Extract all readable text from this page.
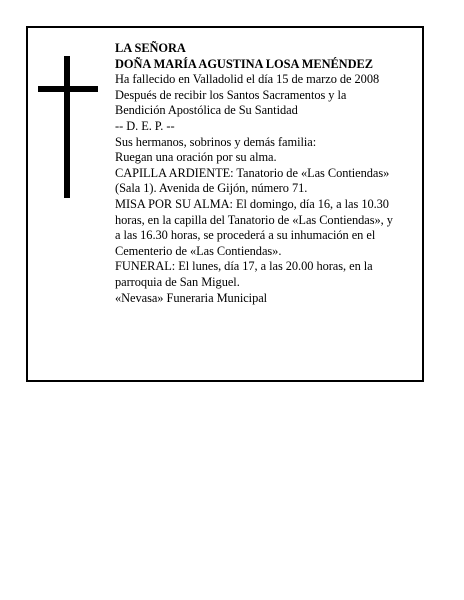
LA SEÑORA
DOÑA MARÍA AGUSTINA LOSA MENÉNDEZ
Ha fallecido en Valladolid el día 15 de marzo de 2008
Después de recibir los Santos Sacramentos y la
Bendición Apostólica de Su Santidad
-- D. E. P. --
Sus hermanos, sobrinos y demás familia:
Ruegan una oración por su alma.
CAPILLA ARDIENTE: Tanatorio de «Las Contiendas»
(Sala 1). Avenida de Gijón, número 71.
MISA POR SU ALMA: El domingo, día 16, a las 10.30
horas, en la capilla del Tanatorio de «Las Contiendas», y
a las 16.30 horas, se procederá a su inhumación en el
Cementerio de «Las Contiendas».
FUNERAL: El lunes, día 17, a las 20.00 horas, en la
parroquia de San Miguel.
«Nevasa» Funeraria Municipal
